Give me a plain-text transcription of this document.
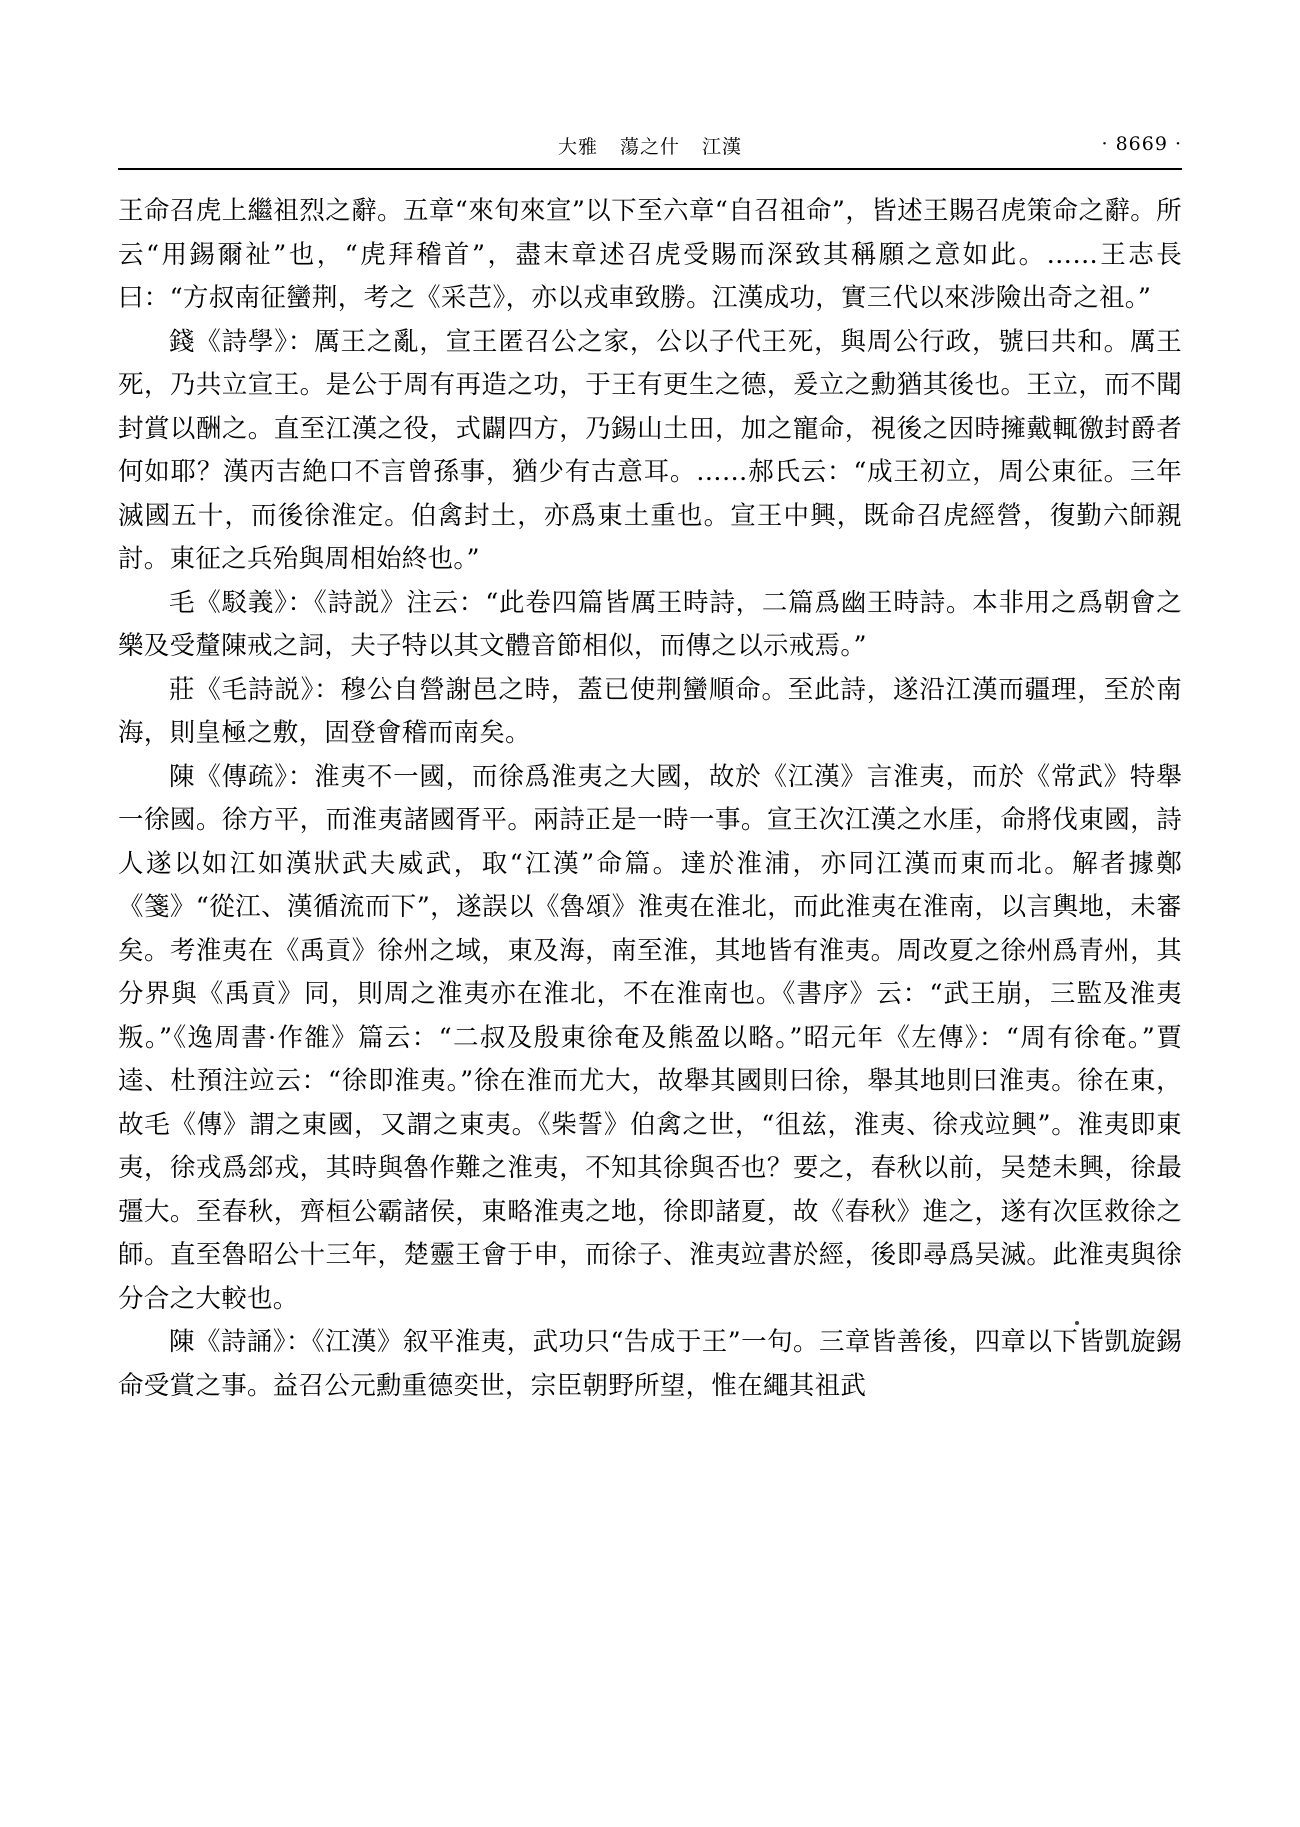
大雅 蕩之什 江漢	· 8669 ·

王命召虎上繼祖烈之辭。五章“來旬來宣”以下至六章“自召祖命”，皆述王賜召虎策命之辭。所云“用錫爾祉”也，“虎拜稽首”，盡末章述召虎受賜而深致其稱願之意如此。……王志長曰：“方叔南征蠻荆，考之《采芑》，亦以戎車致勝。江漢成功，實三代以來涉險出奇之祖。”

錢《詩學》：厲王之亂，宣王匿召公之家，公以子代王死，與周公行政，號曰共和。厲王死，乃共立宣王。是公于周有再造之功，于王有更生之德，爰立之勳猶其後也。王立，而不聞封賞以酬之。直至江漢之役，式闢四方，乃錫山土田，加之寵命，視後之因時擁戴輒徼封爵者何如耶？漢丙吉絶口不言曾孫事，猶少有古意耳。……郝氏云：“成王初立，周公東征。三年滅國五十，而後徐淮定。伯禽封土，亦爲東土重也。宣王中興，既命召虎經營，復勤六師親討。東征之兵殆與周相始終也。”

毛《駁義》：《詩説》注云：“此卷四篇皆厲王時詩，二篇爲幽王時詩。本非用之爲朝會之樂及受釐陳戒之詞，夫子特以其文體音節相似，而傳之以示戒焉。”

莊《毛詩説》：穆公自營謝邑之時，蓋已使荆蠻順命。至此詩，遂沿江漢而疆理，至於南海，則皇極之敷，固登會稽而南矣。

陳《傳疏》：淮夷不一國，而徐爲淮夷之大國，故於《江漢》言淮夷，而於《常武》特舉一徐國。徐方平，而淮夷諸國胥平。兩詩正是一時一事。宣王次江漢之水厓，命將伐東國，詩人遂以如江如漢狀武夫威武，取“江漢”命篇。達於淮浦，亦同江漢而東而北。解者據鄭《箋》“從江、漢循流而下”，遂誤以《魯頌》淮夷在淮北，而此淮夷在淮南，以言輿地，未審矣。考淮夷在《禹貢》徐州之域，東及海，南至淮，其地皆有淮夷。周改夏之徐州爲青州，其分界與《禹貢》同，則周之淮夷亦在淮北，不在淮南也。《書序》云：“武王崩，三監及淮夷叛。”《逸周書·作雒》篇云：“二叔及殷東徐奄及熊盈以略。”昭元年《左傳》：“周有徐奄。”賈逵、杜預注竝云：“徐即淮夷。”徐在淮而尤大，故舉其國則曰徐，舉其地則曰淮夷。徐在東，故毛《傳》謂之東國，又謂之東夷。《柴誓》伯禽之世，“徂兹，淮夷、徐戎竝興”。淮夷即東夷，徐戎爲郐戎，其時與魯作難之淮夷，不知其徐與否也？要之，春秋以前，吴楚未興，徐最彊大。至春秋，齊桓公霸諸侯，東略淮夷之地，徐即諸夏，故《春秋》進之，遂有次匡救徐之師。直至魯昭公十三年，楚靈王會于申，而徐子、淮夷竝書於經，後即尋爲吴滅。此淮夷與徐分合之大較也。

陳《詩誦》：《江漢》叙平淮夷，武功只“告成于王”一句。三章皆善後，四章以下皆凱旋錫命受賞之事。益召公元勳重德奕世，宗臣朝野所望，惟在繩其祖武
